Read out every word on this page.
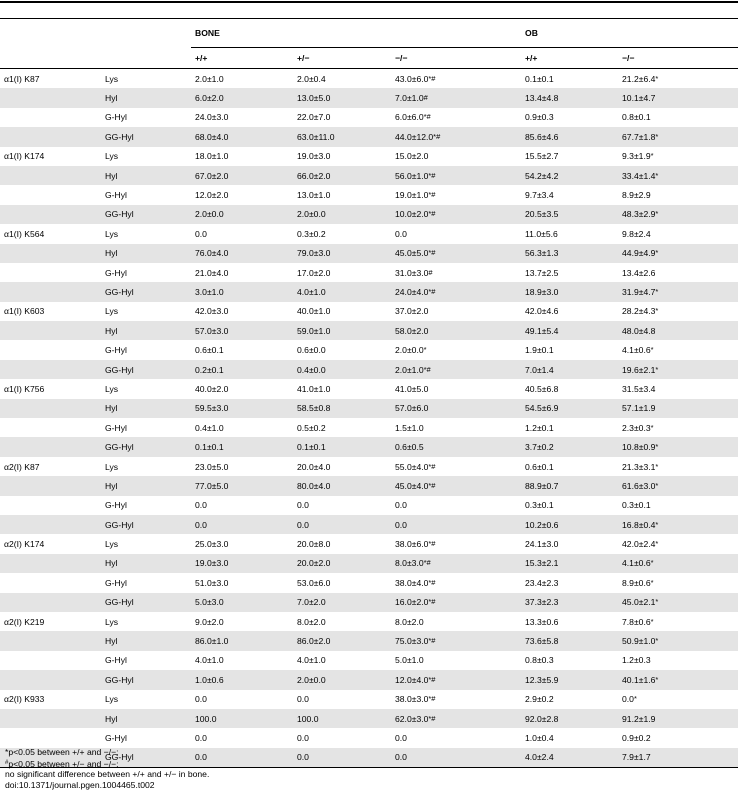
		BONE			OB	
		+/+	+/−	−/−	+/+	−/−
α1(I) K87	Lys	2.0±1.0	2.0±0.4	43.0±6.0*#	0.1±0.1	21.2±6.4*
	Hyl	6.0±2.0	13.0±5.0	7.0±1.0#	13.4±4.8	10.1±4.7
	G-Hyl	24.0±3.0	22.0±7.0	6.0±6.0*#	0.9±0.3	0.8±0.1
	GG-Hyl	68.0±4.0	63.0±11.0	44.0±12.0*#	85.6±4.6	67.7±1.8*
α1(I) K174	Lys	18.0±1.0	19.0±3.0	15.0±2.0	15.5±2.7	9.3±1.9*
	Hyl	67.0±2.0	66.0±2.0	56.0±1.0*#	54.2±4.2	33.4±1.4*
	G-Hyl	12.0±2.0	13.0±1.0	19.0±1.0*#	9.7±3.4	8.9±2.9
	GG-Hyl	2.0±0.0	2.0±0.0	10.0±2.0*#	20.5±3.5	48.3±2.9*
α1(I) K564	Lys	0.0	0.3±0.2	0.0	11.0±5.6	9.8±2.4
	Hyl	76.0±4.0	79.0±3.0	45.0±5.0*#	56.3±1.3	44.9±4.9*
	G-Hyl	21.0±4.0	17.0±2.0	31.0±3.0#	13.7±2.5	13.4±2.6
	GG-Hyl	3.0±1.0	4.0±1.0	24.0±4.0*#	18.9±3.0	31.9±4.7*
α1(I) K603	Lys	42.0±3.0	40.0±1.0	37.0±2.0	42.0±4.6	28.2±4.3*
	Hyl	57.0±3.0	59.0±1.0	58.0±2.0	49.1±5.4	48.0±4.8
	G-Hyl	0.6±0.1	0.6±0.0	2.0±0.0*	1.9±0.1	4.1±0.6*
	GG-Hyl	0.2±0.1	0.4±0.0	2.0±1.0*#	7.0±1.4	19.6±2.1*
α1(I) K756	Lys	40.0±2.0	41.0±1.0	41.0±5.0	40.5±6.8	31.5±3.4
	Hyl	59.5±3.0	58.5±0.8	57.0±6.0	54.5±6.9	57.1±1.9
	G-Hyl	0.4±1.0	0.5±0.2	1.5±1.0	1.2±0.1	2.3±0.3*
	GG-Hyl	0.1±0.1	0.1±0.1	0.6±0.5	3.7±0.2	10.8±0.9*
α2(I) K87	Lys	23.0±5.0	20.0±4.0	55.0±4.0*#	0.6±0.1	21.3±3.1*
	Hyl	77.0±5.0	80.0±4.0	45.0±4.0*#	88.9±0.7	61.6±3.0*
	G-Hyl	0.0	0.0	0.0	0.3±0.1	0.3±0.1
	GG-Hyl	0.0	0.0	0.0	10.2±0.6	16.8±0.4*
α2(I) K174	Lys	25.0±3.0	20.0±8.0	38.0±6.0*#	24.1±3.0	42.0±2.4*
	Hyl	19.0±3.0	20.0±2.0	8.0±3.0*#	15.3±2.1	4.1±0.6*
	G-Hyl	51.0±3.0	53.0±6.0	38.0±4.0*#	23.4±2.3	8.9±0.6*
	GG-Hyl	5.0±3.0	7.0±2.0	16.0±2.0*#	37.3±2.3	45.0±2.1*
α2(I) K219	Lys	9.0±2.0	8.0±2.0	8.0±2.0	13.3±0.6	7.8±0.6*
	Hyl	86.0±1.0	86.0±2.0	75.0±3.0*#	73.6±5.8	50.9±1.0*
	G-Hyl	4.0±1.0	4.0±1.0	5.0±1.0	0.8±0.3	1.2±0.3
	GG-Hyl	1.0±0.6	2.0±0.0	12.0±4.0*#	12.3±5.9	40.1±1.6*
α2(I) K933	Lys	0.0	0.0	38.0±3.0*#	2.9±0.2	0.0*
	Hyl	100.0	100.0	62.0±3.0*#	92.0±2.8	91.2±1.9
	G-Hyl	0.0	0.0	0.0	1.0±0.4	0.9±0.2
	GG-Hyl	0.0	0.0	0.0	4.0±2.4	7.9±1.7
*p<0.05 between +/+ and −/−;
#p<0.05 between +/− and −/−;
no significant difference between +/+ and +/− in bone.
doi:10.1371/journal.pgen.1004465.t002
